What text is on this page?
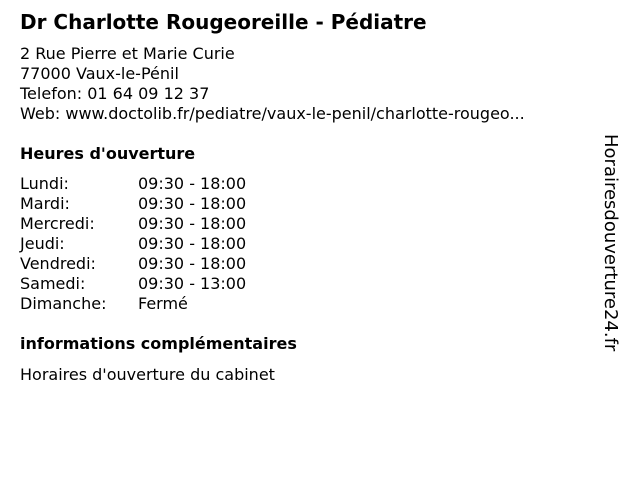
Dr Charlotte Rougeoreille - Pédiatre
2 Rue Pierre et Marie Curie
77000 Vaux-le-Pénil
Telefon: 01 64 09 12 37
Web: www.doctolib.fr/pediatre/vaux-le-penil/charlotte-rougeo...
Heures d'ouverture
Lundi:	09:30 - 18:00
Mardi:	09:30 - 18:00
Mercredi:	09:30 - 18:00
Jeudi:	09:30 - 18:00
Vendredi:	09:30 - 18:00
Samedi:	09:30 - 13:00
Dimanche: Fermé
informations complémentaires
Horaires d'ouverture du cabinet
Horairesdouverture24.fr
